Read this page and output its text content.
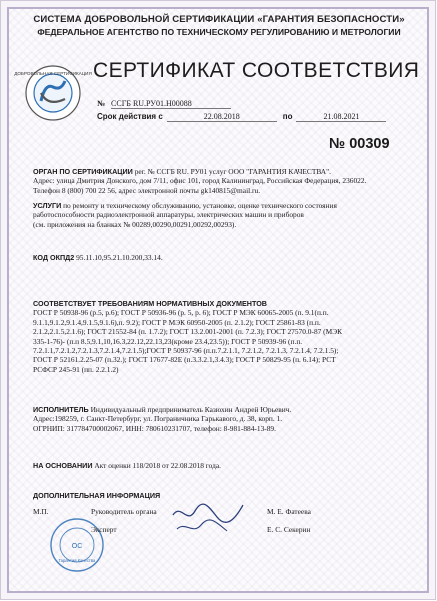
СИСТЕМА ДОБРОВОЛЬНОЙ СЕРТИФИКАЦИИ «ГАРАНТИЯ БЕЗОПАСНОСТИ»
ФЕДЕРАЛЬНОЕ АГЕНТСТВО ПО ТЕХНИЧЕСКОМУ РЕГУЛИРОВАНИЮ И МЕТРОЛОГИИ
ДОБРОВОЛЬНАЯ СЕРТИФИКАЦИЯ СЕРТИФИКАТ СООТВЕТСТВИЯ
№ ССГБ RU.РУ01.Н00088
Срок действия с	22.08.2018	по	21.08.2021
№ 00309
ОРГАН ПО СЕРТИФИКАЦИИ рег. № ССГБ RU. РУ01 услуг ООО "ГАРАНТИЯ КАЧЕСТВА".
Адрес: улица Дмитрия Донского, дом 7/11, офис 101, город Калининград, Российская Федерация, 236022.
Телефон 8 (800) 700 22 56, адрес электронной почты gk140815@mail.ru.
УСЛУГИ по ремонту и техническому обслуживанию, установке, оценке технического состояния
работоспособности радиоэлектронной аппаратуры, электрических машин и приборов
(см. приложения на бланках № 00289,00290,00291,00292,00293).
КОД ОКПД2 95.11.10,95.21.10.200,33.14.
СООТВЕТСТВУЕТ ТРЕБОВАНИЯМ НОРМАТИВНЫХ ДОКУМЕНТОВ
ГОСТ Р 50938-96 (р.5, р.6); ГОСТ Р 50936-96 (р. 5, р. 6); ГОСТ Р МЭК 60065-2005 (п. 9.1(п.п.
9.1.1,9.1.2,9.1.4,9.1.5,9.1.6),п. 9.2); ГОСТ Р МЭК 60950-2005 (п. 2.1.2); ГОСТ 25861-83 (п.п.
2.1.2,2.1.5,2.1.6); ГОСТ 21552-84 (п. 1.7.2); ГОСТ 13.2.001-2001 (п. 7.2.3); ГОСТ 27570.0-87 (МЭК
335-1-76)- (п.п 8.5,9.1,10,16.3,22.12,22.13,23(кроме 23.4,23.5)); ГОСТ Р 50939-96 (п.п.
7.2.1.1,7.2.1.2,7.2.1.3,7.2.1.4,7.2.1.5);ГОСТ Р 50937-96 (п.п.7.2.1.1, 7.2.1.2, 7.2.1.3, 7.2.1.4, 7.2.1.5);
ГОСТ Р 52161.2.25-07 (п.32.); ГОСТ 17677-82Е (п.3.3.2.1,3.4.3); ГОСТ Р 50829-95 (п. 6.14); РСТ
РСФСР 245-91 (пп. 2.2.1.2)
ИСПОЛНИТЕЛЬ Индивидуальный предприниматель Казюхин Андрей Юрьевич.
Адрес:198259, г. Санкт-Петербург, ул. Пограничника Гарькавого, д. 38, корп. 1.
ОГРНИП: 317784700002067, ИНН: 780610231707, телефон: 8-981-884-13-89.
НА ОСНОВАНИИ Акт оценки 118/2018 от 22.08.2018 года.
ДОПОЛНИТЕЛЬНАЯ ИНФОРМАЦИЯ
ОС
Гарантия Качества
М.П.	Руководитель органа	М. Е. Фатеева
Эксперт	Е. С. Секерин
